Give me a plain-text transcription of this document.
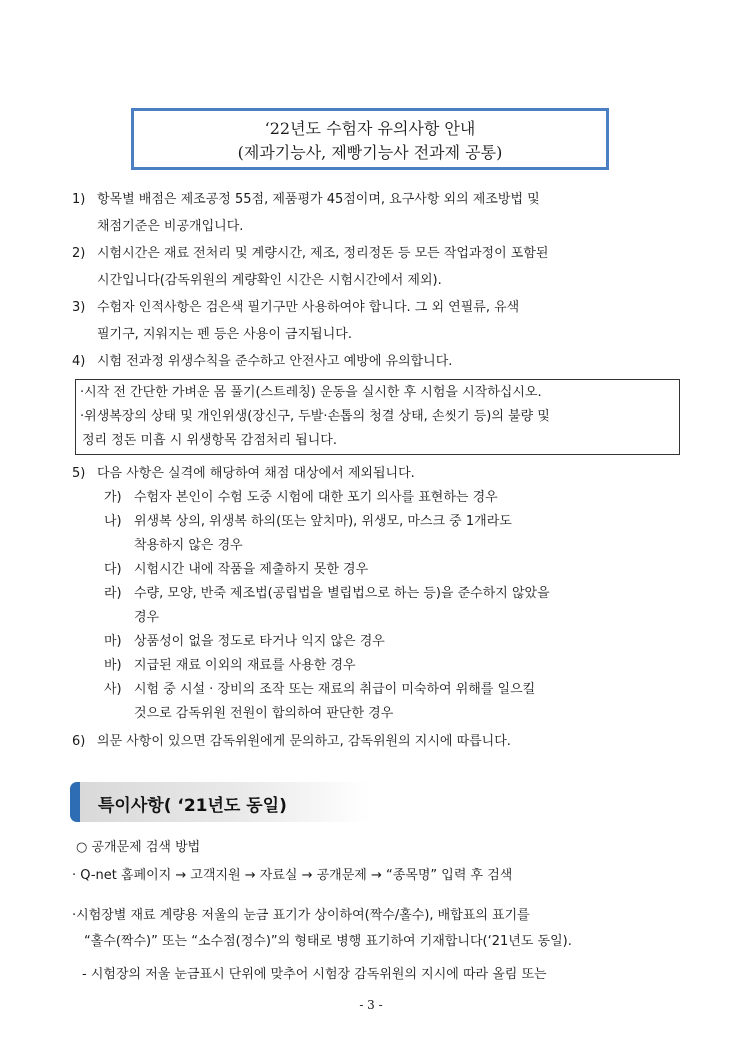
‘22년도 수험자 유의사항 안내
(제과기능사, 제빵기능사 전과제 공통)
1) 항목별 배점은 제조공정 55점, 제품평가 45점이며, 요구사항 외의 제조방법 및
채점기준은 비공개입니다.
2) 시험시간은 재료 전처리 및 계량시간, 제조, 정리정돈 등 모든 작업과정이 포함된
시간입니다(감독위원의 계량확인 시간은 시험시간에서 제외).
3) 수험자 인적사항은 검은색 필기구만 사용하여야 합니다. 그 외 연필류, 유색
필기구, 지워지는 펜 등은 사용이 금지됩니다.
4) 시험 전과정 위생수칙을 준수하고 안전사고 예방에 유의합니다.
·시작 전 간단한 가벼운 몸 풀기(스트레칭) 운동을 실시한 후 시험을 시작하십시오.
·위생복장의 상태 및 개인위생(장신구, 두발·손톱의 청결 상태, 손씻기 등)의 불량 및
정리 정돈 미흡 시 위생항목 감점처리 됩니다.
5) 다음 사항은 실격에 해당하여 채점 대상에서 제외됩니다.
가) 수험자 본인이 수험 도중 시험에 대한 포기 의사를 표현하는 경우
나) 위생복 상의, 위생복 하의(또는 앞치마), 위생모, 마스크 중 1개라도
착용하지 않은 경우
다) 시험시간 내에 작품을 제출하지 못한 경우
라) 수량, 모양, 반죽 제조법(공립법을 별립법으로 하는 등)을 준수하지 않았을
경우
마) 상품성이 없을 정도로 타거나 익지 않은 경우
바) 지급된 재료 이외의 재료를 사용한 경우
사) 시험 중 시설 · 장비의 조작 또는 재료의 취급이 미숙하여 위해를 일으킬
것으로 감독위원 전원이 합의하여 판단한 경우
6) 의문 사항이 있으면 감독위원에게 문의하고, 감독위원의 지시에 따릅니다.
특이사항( ‘21년도 동일)
○ 공개문제 검색 방법
· Q-net 홈페이지 → 고객지원 → 자료실 → 공개문제 → “종목명” 입력 후 검색
·시험장별 재료 계량용 저울의 눈금 표기가 상이하여(짝수/홀수), 배합표의 표기를
“홀수(짝수)” 또는 “소수점(정수)”의 형태로 병행 표기하여 기재합니다(‘21년도 동일).
- 시험장의 저울 눈금표시 단위에 맞추어 시험장 감독위원의 지시에 따라 올림 또는
- 3 -
